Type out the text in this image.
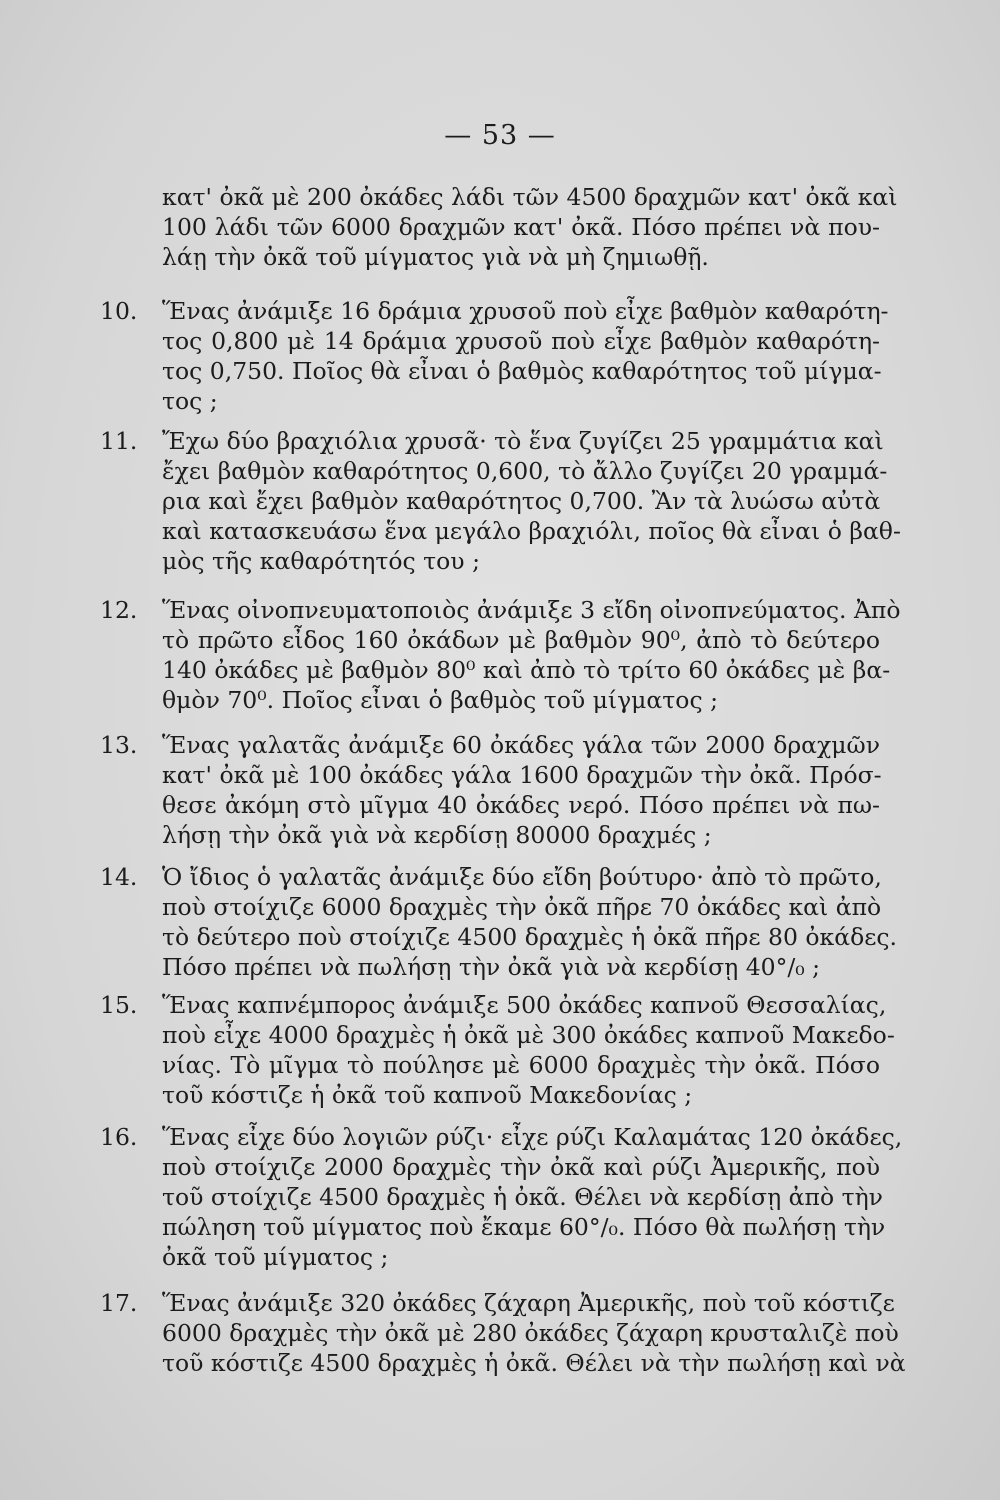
— 53 —
κατ' ὀκᾶ μὲ 200 ὀκάδες λάδι τῶν 4500 δραχμῶν κατ' ὀκᾶ καὶ
100 λάδι τῶν 6000 δραχμῶν κατ' ὀκᾶ. Πόσο πρέπει νὰ που-
λάῃ τὴν ὀκᾶ τοῦ μίγματος γιὰ νὰ μὴ ζημιωθῇ.
10.	Ἕνας ἀνάμιξε 16 δράμια χρυσοῦ ποὺ εἶχε βαθμὸν καθαρότη-
τος 0,800 μὲ 14 δράμια χρυσοῦ ποὺ εἶχε βαθμὸν καθαρότη-
τος 0,750. Ποῖος θὰ εἶναι ὁ βαθμὸς καθαρότητος τοῦ μίγμα-
τος ;
11.	Ἔχω δύο βραχιόλια χρυσᾶ· τὸ ἕνα ζυγίζει 25 γραμμάτια καὶ
ἔχει βαθμὸν καθαρότητος 0,600, τὸ ἄλλο ζυγίζει 20 γραμμά-
ρια καὶ ἔχει βαθμὸν καθαρότητος 0,700. Ἂν τὰ λυώσω αὐτὰ
καὶ κατασκευάσω ἕνα μεγάλο βραχιόλι, ποῖος θὰ εἶναι ὁ βαθ-
μὸς τῆς καθαρότητός του ;
12.	Ἕνας οἰνοπνευματοποιὸς ἀνάμιξε 3 εἴδη οἰνοπνεύματος. Ἀπὸ
τὸ πρῶτο εἶδος 160 ὀκάδων μὲ βαθμὸν 90⁰, ἀπὸ τὸ δεύτερο
140 ὀκάδες μὲ βαθμὸν 80⁰ καὶ ἀπὸ τὸ τρίτο 60 ὀκάδες μὲ βα-
θμὸν 70⁰. Ποῖος εἶναι ὁ βαθμὸς τοῦ μίγματος ;
13.	Ἕνας γαλατᾶς ἀνάμιξε 60 ὀκάδες γάλα τῶν 2000 δραχμῶν
κατ' ὀκᾶ μὲ 100 ὀκάδες γάλα 1600 δραχμῶν τὴν ὀκᾶ. Πρόσ-
θεσε ἀκόμη στὸ μῖγμα 40 ὀκάδες νερό. Πόσο πρέπει νὰ πω-
λήσῃ τὴν ὀκᾶ γιὰ νὰ κερδίσῃ 80000 δραχμές ;
14.	Ὁ ἴδιος ὁ γαλατᾶς ἀνάμιξε δύο εἴδη βούτυρο· ἀπὸ τὸ πρῶτο,
ποὺ στοίχιζε 6000 δραχμὲς τὴν ὀκᾶ πῆρε 70 ὀκάδες καὶ ἀπὸ
τὸ δεύτερο ποὺ στοίχιζε 4500 δραχμὲς ἡ ὀκᾶ πῆρε 80 ὀκάδες.
Πόσο πρέπει νὰ πωλήσῃ τὴν ὀκᾶ γιὰ νὰ κερδίσῃ 40°/₀ ;
15.	Ἕνας καπνέμπορος ἀνάμιξε 500 ὀκάδες καπνοῦ Θεσσαλίας,
ποὺ εἶχε 4000 δραχμὲς ἡ ὀκᾶ μὲ 300 ὀκάδες καπνοῦ Μακεδο-
νίας. Τὸ μῖγμα τὸ πούλησε μὲ 6000 δραχμὲς τὴν ὀκᾶ. Πόσο
τοῦ κόστιζε ἡ ὀκᾶ τοῦ καπνοῦ Μακεδονίας ;
16.	Ἕνας εἶχε δύο λογιῶν ρύζι· εἶχε ρύζι Καλαμάτας 120 ὀκάδες,
ποὺ στοίχιζε 2000 δραχμὲς τὴν ὀκᾶ καὶ ρύζι Ἀμερικῆς, ποὺ
τοῦ στοίχιζε 4500 δραχμὲς ἡ ὀκᾶ. Θέλει νὰ κερδίσῃ ἀπὸ τὴν
πώληση τοῦ μίγματος ποὺ ἔκαμε 60°/₀. Πόσο θὰ πωλήσῃ τὴν
ὀκᾶ τοῦ μίγματος ;
17.	Ἕνας ἀνάμιξε 320 ὀκάδες ζάχαρη Ἀμερικῆς, ποὺ τοῦ κόστιζε
6000 δραχμὲς τὴν ὀκᾶ μὲ 280 ὀκάδες ζάχαρη κρυσταλιζὲ ποὺ
τοῦ κόστιζε 4500 δραχμὲς ἡ ὀκᾶ. Θέλει νὰ τὴν πωλήσῃ καὶ νὰ
